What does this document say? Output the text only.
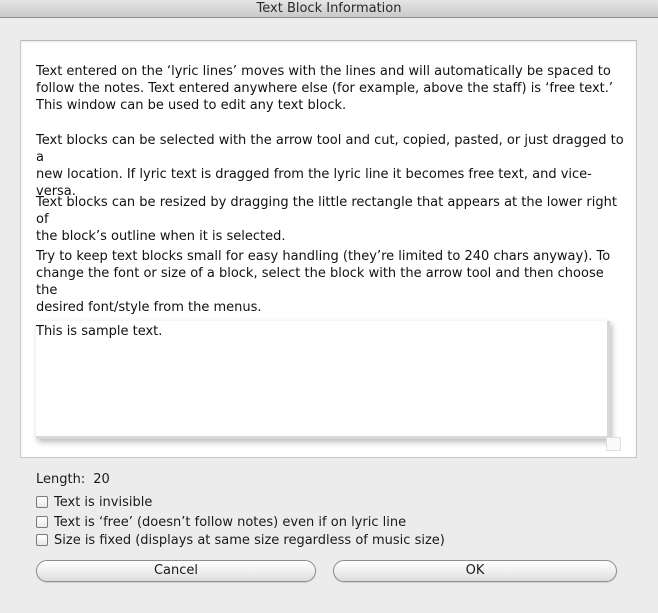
Text Block Information

Text entered on the ‘lyric lines’ moves with the lines and will automatically be spaced to
follow the notes. Text entered anywhere else (for example, above the staff) is ‘free text.’
This window can be used to edit any text block.

Text blocks can be selected with the arrow tool and cut, copied, pasted, or just dragged to a
new location. If lyric text is dragged from the lyric line it becomes free text, and vice-versa.

Text blocks can be resized by dragging the little rectangle that appears at the lower right of
the block’s outline when it is selected.

Try to keep text blocks small for easy handling (they’re limited to 240 chars anyway). To
change the font or size of a block, select the block with the arrow tool and then choose the
desired font/style from the menus.

This is sample text.
Length: 20
Text is invisible
Text is ‘free’ (doesn’t follow notes) even if on lyric line
Size is fixed (displays at same size regardless of music size)
Cancel	OK
